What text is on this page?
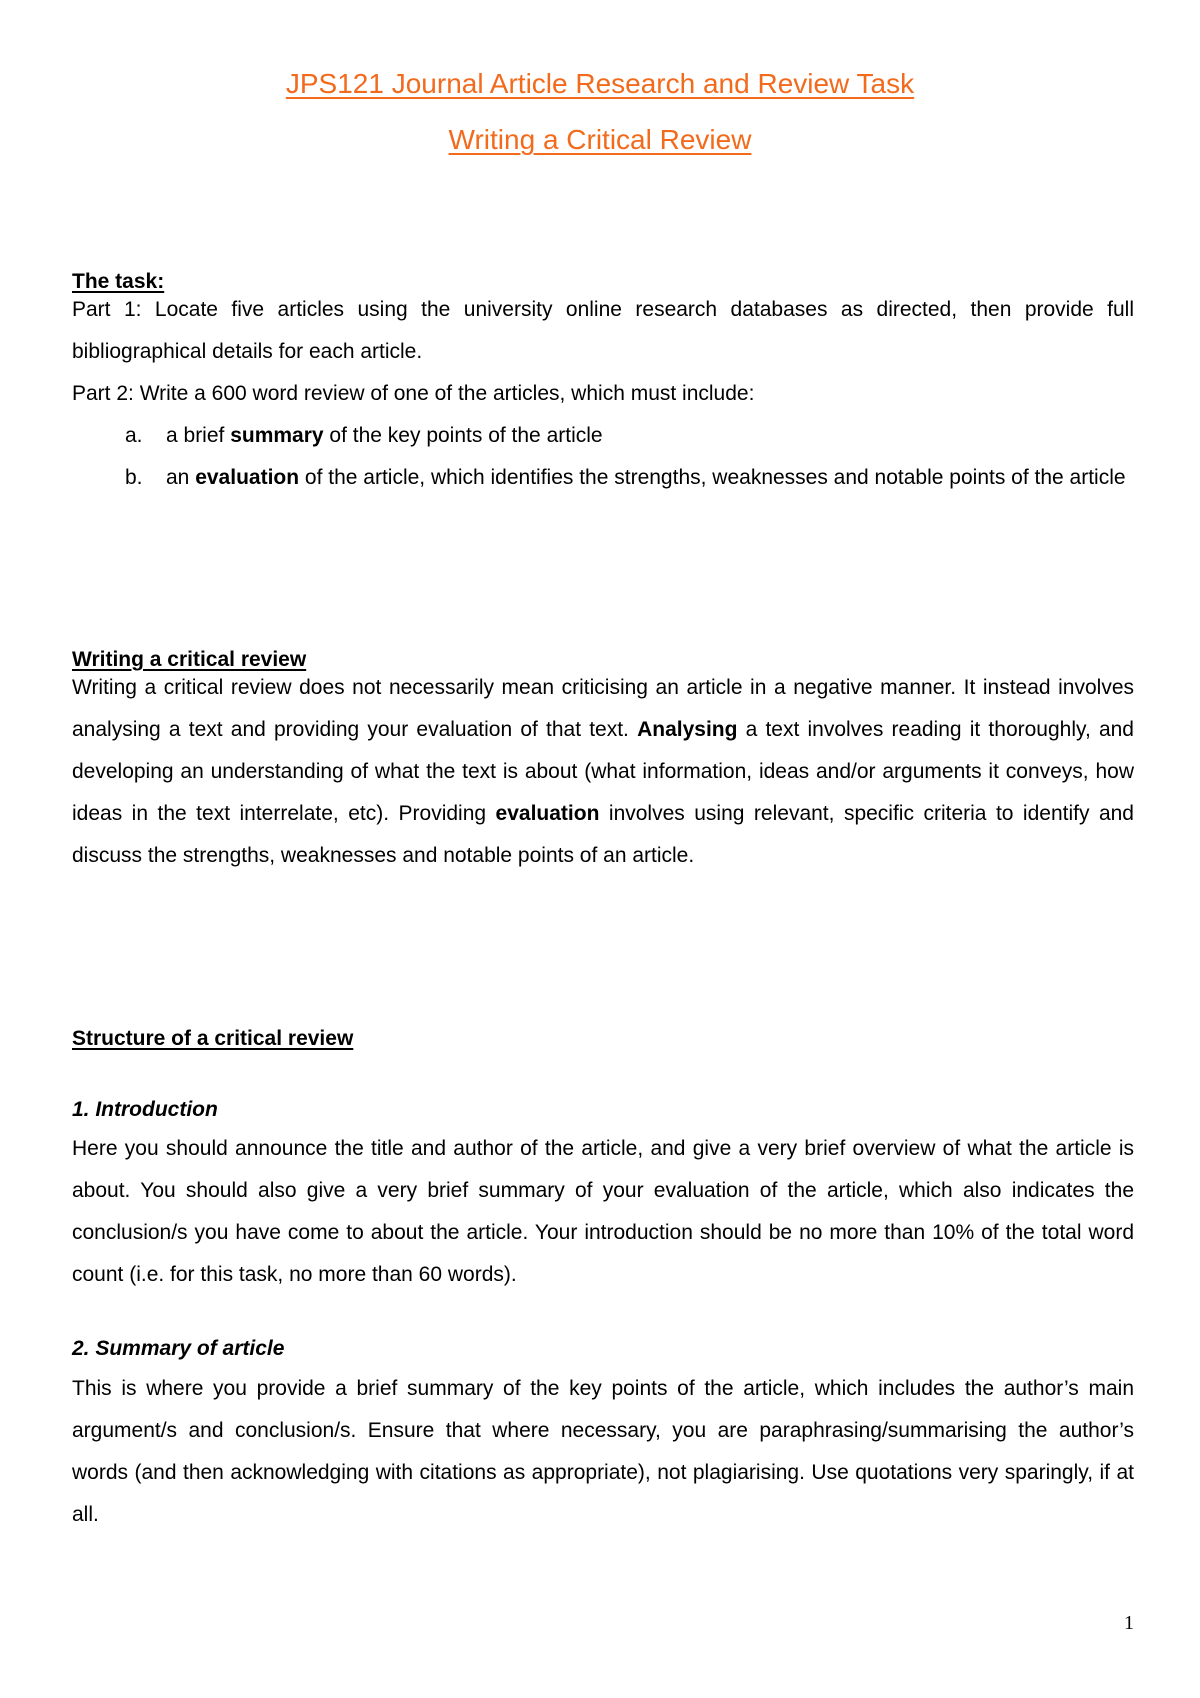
JPS121 Journal Article Research and Review Task
Writing a Critical Review
The task:
Part 1: Locate five articles using the university online research databases as directed, then provide full bibliographical details for each article.
Part 2: Write a 600 word review of one of the articles, which must include:
a. a brief summary of the key points of the article
b. an evaluation of the article, which identifies the strengths, weaknesses and notable points of the article
Writing a critical review
Writing a critical review does not necessarily mean criticising an article in a negative manner. It instead involves analysing a text and providing your evaluation of that text. Analysing a text involves reading it thoroughly, and developing an understanding of what the text is about (what information, ideas and/or arguments it conveys, how ideas in the text interrelate, etc). Providing evaluation involves using relevant, specific criteria to identify and discuss the strengths, weaknesses and notable points of an article.
Structure of a critical review
1. Introduction
Here you should announce the title and author of the article, and give a very brief overview of what the article is about. You should also give a very brief summary of your evaluation of the article, which also indicates the conclusion/s you have come to about the article. Your introduction should be no more than 10% of the total word count (i.e. for this task, no more than 60 words).
2. Summary of article
This is where you provide a brief summary of the key points of the article, which includes the author’s main argument/s and conclusion/s. Ensure that where necessary, you are paraphrasing/summarising the author’s words (and then acknowledging with citations as appropriate), not plagiarising. Use quotations very sparingly, if at all.
1
